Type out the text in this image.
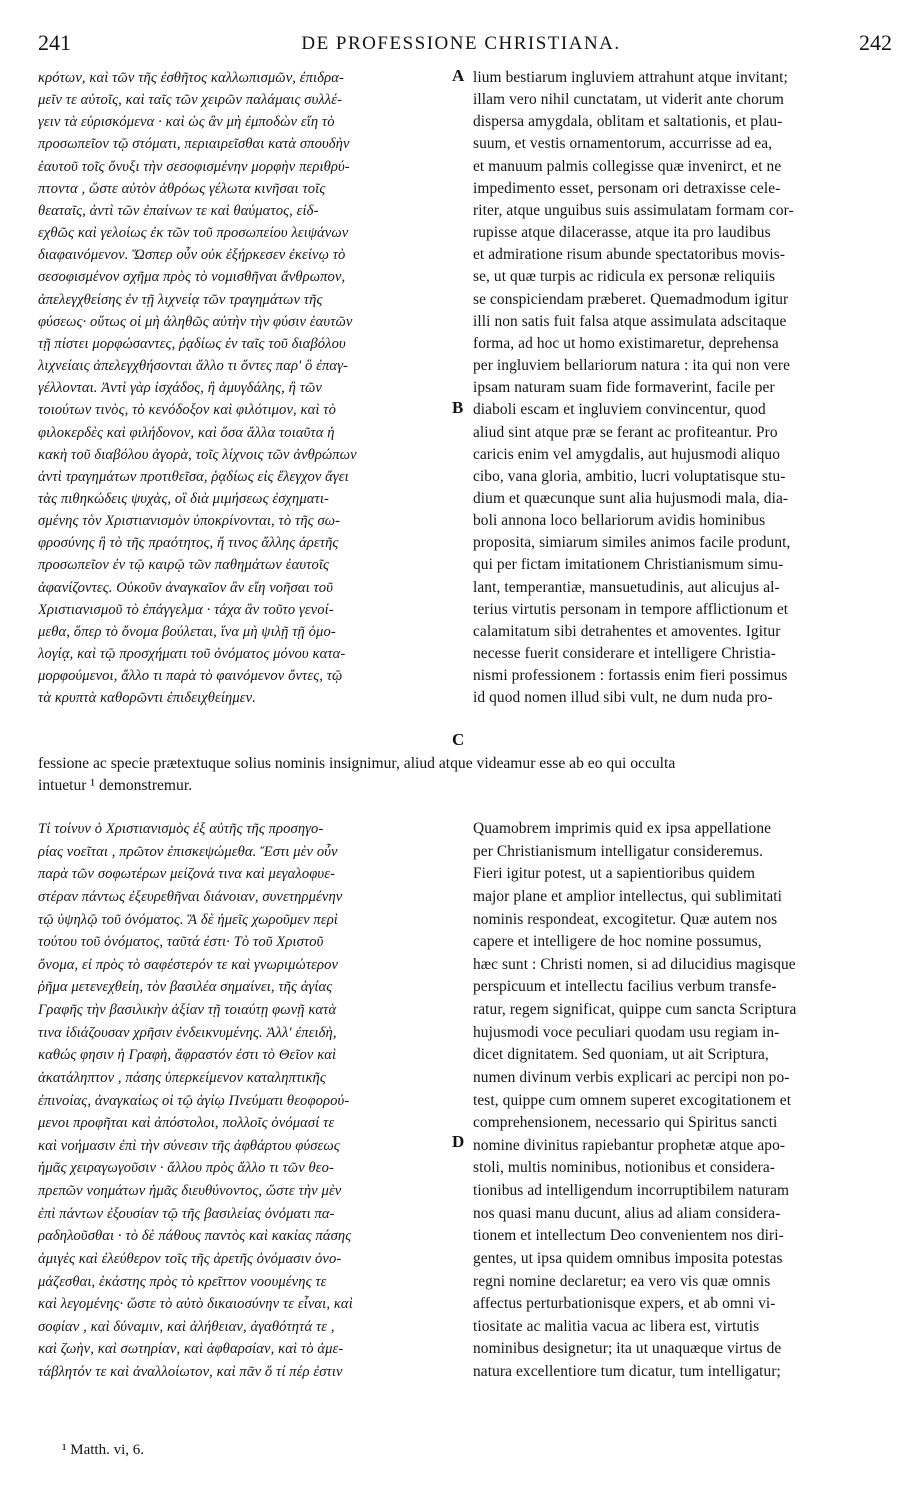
241	DE PROFESSIONE CHRISTIANA.	242
A
B
C
D
κρότων, καὶ τῶν τῆς ἐσθῆτος καλλωπισμῶν, ἐπιδρα-
μεῖν τε αὐτοῖς, καὶ ταῖς τῶν χειρῶν παλάμαις συλλέ-
γειν τὰ εὑρισκόμενα · καὶ ὡς ἂν μὴ ἐμποδὼν εἴη τὸ
προσωπεῖον τῷ στόματι, περιαιρεῖσθαι κατὰ σπουδὴν
ἑαυτοῦ τοῖς ὄνυξι τὴν σεσοφισμένην μορφὴν περιθρύ-
πτοντα , ὥστε αὐτὸν ἀθρόως γέλωτα κινῆσαι τοῖς
θεαταῖς, ἀντὶ τῶν ἐπαίνων τε καὶ θαύματος, εἰδ-
εχθῶς καὶ γελοίως ἐκ τῶν τοῦ προσωπείου λειψάνων
διαφαινόμενον. Ὥσπερ οὖν οὐκ ἐξήρκεσεν ἐκείνῳ τὸ
σεσοφισμένον σχῆμα πρὸς τὸ νομισθῆναι ἄνθρωπον,
ἀπελεγχθείσης ἐν τῇ λιχνείᾳ τῶν τραγημάτων τῆς
φύσεως· οὕτως οἱ μὴ ἀληθῶς αὐτὴν τὴν φύσιν ἑαυτῶν
τῇ πίστει μορφώσαντες, ῥᾳδίως ἐν ταῖς τοῦ διαβόλου
λιχνείαις ἀπελεγχθήσονται ἄλλο τι ὄντες παρ' ὃ ἐπαγ-
γέλλονται. Ἀντὶ γὰρ ἰσχάδος, ἢ ἀμυγδάλης, ἢ τῶν
τοιούτων τινὸς, τὸ κενόδοξον καὶ φιλότιμον, καὶ τὸ
φιλοκερδὲς καὶ φιλήδονον, καὶ ὅσα ἄλλα τοιαῦτα ἡ
κακὴ τοῦ διαβόλου ἀγορὰ, τοῖς λίχνοις τῶν ἀνθρώπων
ἀντὶ τραγημάτων προτιθεῖσα, ῥᾳδίως εἰς ἔλεγχον ἄγει
τὰς πιθηκώδεις ψυχὰς, οἳ διὰ μιμήσεως ἐσχηματι-
σμένης τὸν Χριστιανισμὸν ὑποκρίνονται, τὸ τῆς σω-
φροσύνης ἢ τὸ τῆς πραότητος, ἤ τινος ἄλλης ἀρετῆς
προσωπεῖον ἐν τῷ καιρῷ τῶν παθημάτων ἑαυτοῖς
ἀφανίζοντες. Οὐκοῦν ἀναγκαῖον ἂν εἴη νοῆσαι τοῦ
Χριστιανισμοῦ τὸ ἐπάγγελμα · τάχα ἂν τοῦτο γενοί-
μεθα, ὅπερ τὸ ὄνομα βούλεται, ἵνα μὴ ψιλῇ τῇ ὁμο-
λογίᾳ, καὶ τῷ προσχήματι τοῦ ὀνόματος μόνου κατα-
μορφούμενοι, ἄλλο τι παρὰ τὸ φαινόμενον ὄντες, τῷ
τὰ κρυπτὰ καθορῶντι ἐπιδειχθείημεν.
lium bestiarum ingluviem attrahunt atque invitant;
illam vero nihil cunctatam, ut viderit ante chorum
dispersa amygdala, oblitam et saltationis, et plau-
suum, et vestis ornamentorum, accurrisse ad ea,
et manuum palmis collegisse quæ invenirct, et ne
impedimento esset, personam ori detraxisse cele-
riter, atque unguibus suis assimulatam formam cor-
rupisse atque dilacerasse, atque ita pro laudibus
et admiratione risum abunde spectatoribus movis-
se, ut quæ turpis ac ridicula ex personæ reliquiis
se conspiciendam præberet. Quemadmodum igitur
illi non satis fuit falsa atque assimulata adscitaque
forma, ad hoc ut homo existimaretur, deprehensa
per ingluviem bellariorum natura : ita qui non vere
ipsam naturam suam fide formaverint, facile per
diaboli escam et ingluviem convincentur, quod
aliud sint atque præ se ferant ac profiteantur. Pro
caricis enim vel amygdalis, aut hujusmodi aliquo
cibo, vana gloria, ambitio, lucri voluptatisque stu-
dium et quæcunque sunt alia hujusmodi mala, dia-
boli annona loco bellariorum avidis hominibus
proposita, simiarum similes animos facile produnt,
qui per fictam imitationem Christianismum simu-
lant, temperantiæ, mansuetudinis, aut alicujus al-
terius virtutis personam in tempore afflictionum et
calamitatum sibi detrahentes et amoventes. Igitur
necesse fuerit considerare et intelligere Christia-
nismi professionem : fortassis enim fieri possimus
id quod nomen illud sibi vult, ne dum nuda pro-
fessione ac specie prætextuque solius nominis insignimur, aliud atque videamur esse ab eo qui occulta
intuetur ¹ demonstremur.
Τί τοίνυν ὁ Χριστιανισμὸς ἐξ αὐτῆς τῆς προσηγο-
ρίας νοεῖται , πρῶτον ἐπισκεψώμεθα. Ἔστι μὲν οὖν
παρὰ τῶν σοφωτέρων μείζονά τινα καὶ μεγαλοφυε-
στέραν πάντως ἐξευρεθῆναι διάνοιαν, συνετηρμένην
τῷ ὑψηλῷ τοῦ ὀνόματος. Ἃ δὲ ἡμεῖς χωροῦμεν περὶ
τούτου τοῦ ὀνόματος, ταῦτά ἐστι· Τὸ τοῦ Χριστοῦ
ὄνομα, εἰ πρὸς τὸ σαφέστερόν τε καὶ γνωριμώτερον
ῥῆμα μετενεχθείη, τὸν βασιλέα σημαίνει, τῆς ἁγίας
Γραφῆς τὴν βασιλικὴν ἀξίαν τῇ τοιαύτῃ φωνῇ κατὰ
τινα ἰδιάζουσαν χρῆσιν ἐνδεικνυμένης. Ἀλλ' ἐπειδὴ,
καθώς φησιν ἡ Γραφὴ, ἄφραστόν ἐστι τὸ Θεῖον καὶ
ἀκατάληπτον , πάσης ὑπερκείμενον καταληπτικῆς
ἐπινοίας, ἀναγκαίως οἱ τῷ ἁγίῳ Πνεύματι θεοφορού-
μενοι προφῆται καὶ ἀπόστολοι, πολλοῖς ὀνόμασί τε
καὶ νοήμασιν ἐπὶ τὴν σύνεσιν τῆς ἀφθάρτου φύσεως
ἡμᾶς χειραγωγοῦσιν · ἄλλου πρὸς ἄλλο τι τῶν θεο-
πρεπῶν νοημάτων ἡμᾶς διευθύνοντος, ὥστε τὴν μὲν
ἐπὶ πάντων ἐξουσίαν τῷ τῆς βασιλείας ὀνόματι πα-
ραδηλοῦσθαι · τὸ δὲ πάθους παντὸς καὶ κακίας πάσης
ἀμιγὲς καὶ ἐλεύθερον τοῖς τῆς ἀρετῆς ὀνόμασιν ὀνο-
μάζεσθαι, ἑκάστης πρὸς τὸ κρεῖττον νοουμένης τε
καὶ λεγομένης· ὥστε τὸ αὐτὸ δικαιοσύνην τε εἶναι, καὶ
σοφίαν , καὶ δύναμιν, καὶ ἀλήθειαν, ἀγαθότητά τε ,
καὶ ζωὴν, καὶ σωτηρίαν, καὶ ἀφθαρσίαν, καὶ τὸ ἀμε-
τάβλητόν τε καὶ ἀναλλοίωτον, καὶ πᾶν ὅ τί πέρ ἐστιν
Quamobrem imprimis quid ex ipsa appellatione
per Christianismum intelligatur consideremus.
Fieri igitur potest, ut a sapientioribus quidem
major plane et amplior intellectus, qui sublimitati
nominis respondeat, excogitetur. Quæ autem nos
capere et intelligere de hoc nomine possumus,
hæc sunt : Christi nomen, si ad dilucidius magisque
perspicuum et intellectu facilius verbum transfe-
ratur, regem significat, quippe cum sancta Scriptura
hujusmodi voce peculiari quodam usu regiam in-
dicet dignitatem. Sed quoniam, ut ait Scriptura,
numen divinum verbis explicari ac percipi non po-
test, quippe cum omnem superet excogitationem et
comprehensionem, necessario qui Spiritus sancti
nomine divinitus rapiebantur prophetæ atque apo-
stoli, multis nominibus, notionibus et considera-
tionibus ad intelligendum incorruptibilem naturam
nos quasi manu ducunt, alius ad aliam considera-
tionem et intellectum Deo convenientem nos diri-
gentes, ut ipsa quidem omnibus imposita potestas
regni nomine declaretur; ea vero vis quæ omnis
affectus perturbationisque expers, et ab omni vi-
tiositate ac malitia vacua ac libera est, virtutis
nominibus designetur; ita ut unaquæque virtus de
natura excellentiore tum dicatur, tum intelligatur;
¹ Matth. vi, 6.
